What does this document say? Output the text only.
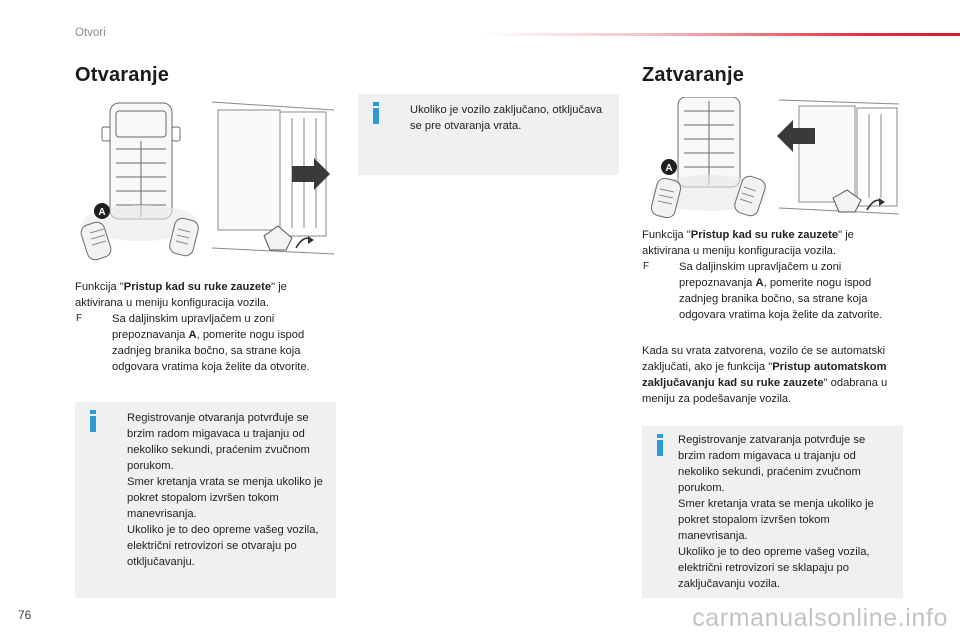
Otvori
Otvaranje
A

Funkcija "Pristup kad su ruke zauzete" je aktivirana u meniju konfiguracija vozila.

F	Sa daljinskim upravljačem u zoni prepoznavanja A, pomerite nogu ispod zadnjeg branika bočno, sa strane koja odgovara vratima koja želite da otvorite.

Registrovanje otvaranja potvrđuje se brzim radom migavaca u trajanju od nekoliko sekundi, praćenim zvučnom porukom.

Smer kretanja vrata se menja ukoliko je pokret stopalom izvršen tokom manevrisanja.

Ukoliko je to deo opreme vašeg vozila, električni retrovizori se otvaraju po otključavanju.

Ukoliko je vozilo zaključano, otključava se pre otvaranja vrata.

Zatvaranje
A

Funkcija "Pristup kad su ruke zauzete" je aktivirana u meniju konfiguracija vozila.

F	Sa daljinskim upravljačem u zoni prepoznavanja A, pomerite nogu ispod zadnjeg branika bočno, sa strane koja odgovara vratima koja želite da zatvorite.

Kada su vrata zatvorena, vozilo će se automatski zaključati, ako je funkcija "Pristup automatskom zaključavanju kad su ruke zauzete" odabrana u meniju za podešavanje vozila.

Registrovanje zatvaranja potvrđuje se brzim radom migavaca u trajanju od nekoliko sekundi, praćenim zvučnom porukom.

Smer kretanja vrata se menja ukoliko je pokret stopalom izvršen tokom manevrisanja.

Ukoliko je to deo opreme vašeg vozila, električni retrovizori se sklapaju po zaključavanju vozila.

76	carmanualsonline.info
